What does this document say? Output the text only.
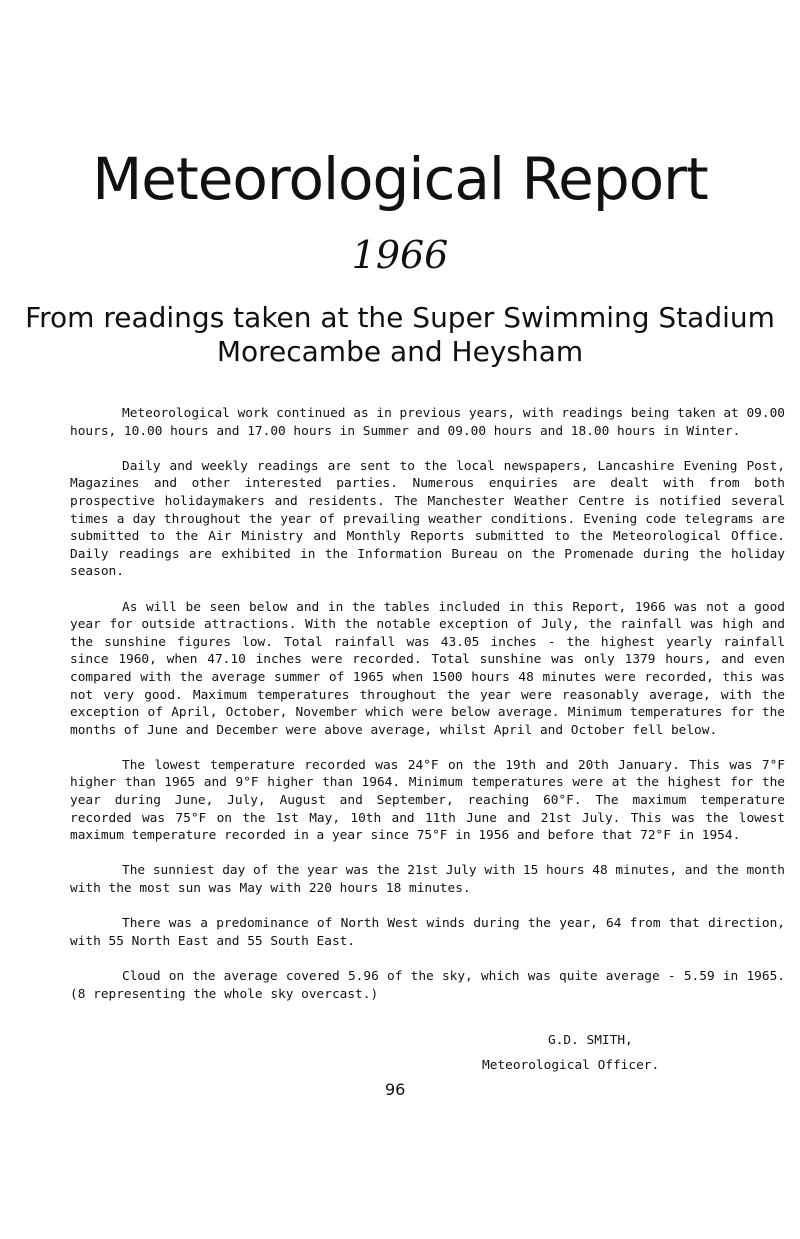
Meteorological Report
1966
From readings taken at the Super Swimming Stadium
Morecambe and Heysham

Meteorological work continued as in previous years, with readings being taken at 09.00 hours, 10.00 hours and 17.00 hours in Summer and 09.00 hours and 18.00 hours in Winter.

Daily and weekly readings are sent to the local newspapers, Lancashire Evening Post, Magazines and other interested parties. Numerous enquiries are dealt with from both prospective holidaymakers and residents. The Manchester Weather Centre is notified several times a day throughout the year of prevailing weather conditions. Evening code telegrams are submitted to the Air Ministry and Monthly Reports submitted to the Meteorological Office. Daily readings are exhibited in the Information Bureau on the Promenade during the holiday season.

As will be seen below and in the tables included in this Report, 1966 was not a good year for outside attractions. With the notable exception of July, the rainfall was high and the sunshine figures low. Total rainfall was 43.05 inches - the highest yearly rainfall since 1960, when 47.10 inches were recorded. Total sunshine was only 1379 hours, and even compared with the average summer of 1965 when 1500 hours 48 minutes were recorded, this was not very good. Maximum temperatures throughout the year were reasonably average, with the exception of April, October, November which were below average. Minimum temperatures for the months of June and December were above average, whilst April and October fell below.

The lowest temperature recorded was 24°F on the 19th and 20th January. This was 7°F higher than 1965 and 9°F higher than 1964. Minimum temperatures were at the highest for the year during June, July, August and September, reaching 60°F. The maximum temperature recorded was 75°F on the 1st May, 10th and 11th June and 21st July. This was the lowest maximum temperature recorded in a year since 75°F in 1956 and before that 72°F in 1954.

The sunniest day of the year was the 21st July with 15 hours 48 minutes, and the month with the most sun was May with 220 hours 18 minutes.

There was a predominance of North West winds during the year, 64 from that direction, with 55 North East and 55 South East.

Cloud on the average covered 5.96 of the sky, which was quite average - 5.59 in 1965. (8 representing the whole sky overcast.)

G.D. SMITH,
Meteorological Officer.
96
